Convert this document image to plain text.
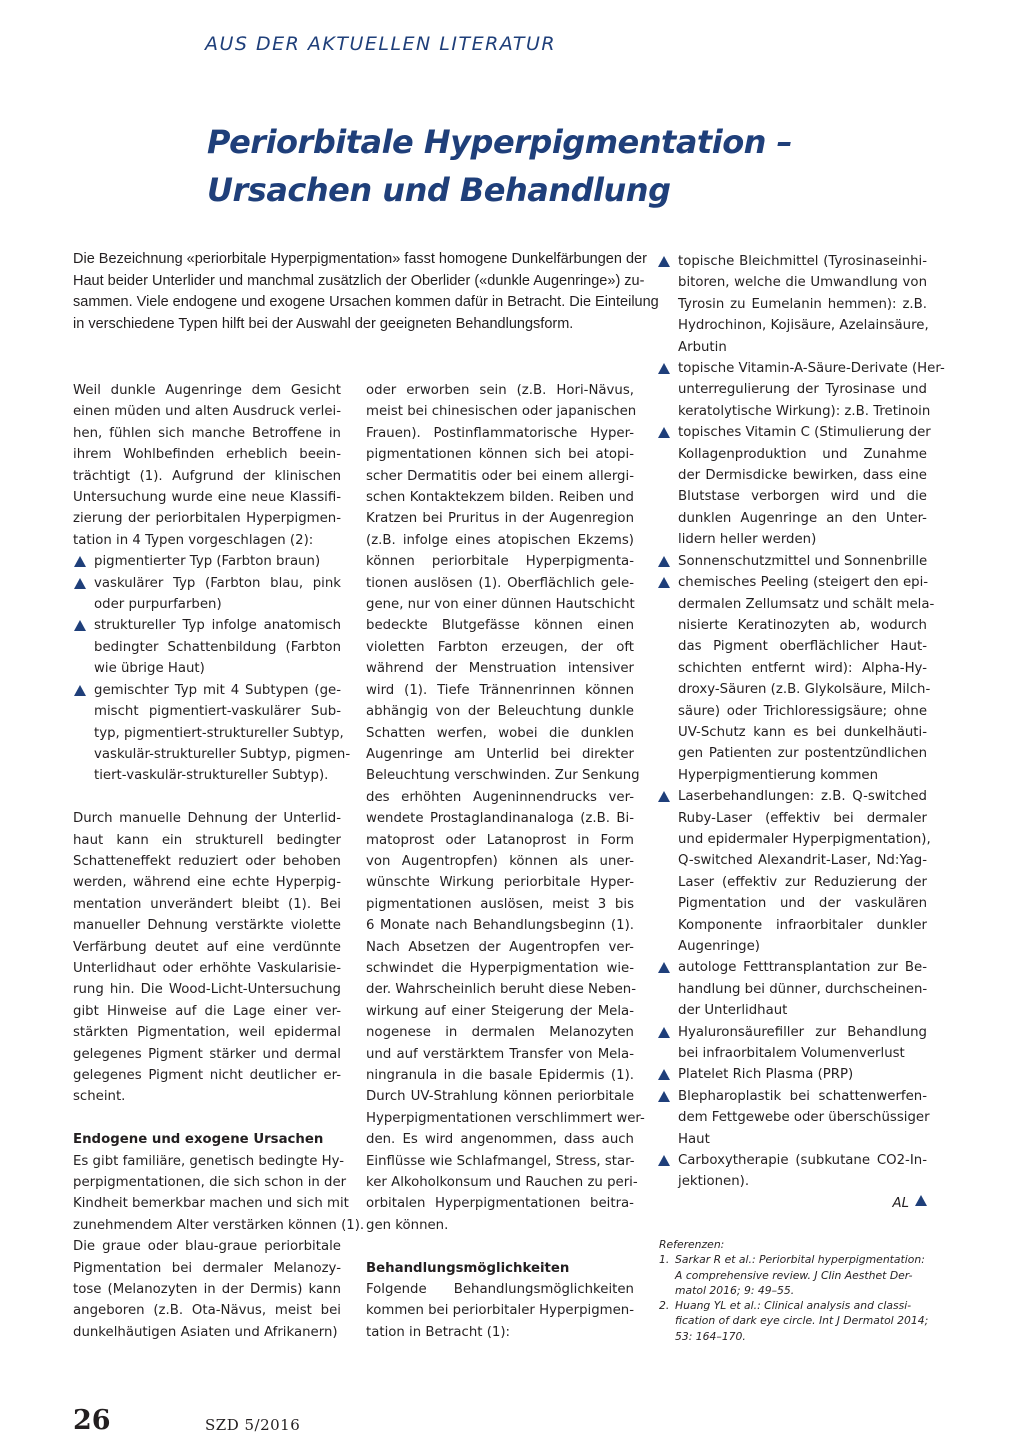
AUS DER AKTUELLEN LITERATUR
Periorbitale Hyperpigmentation –
Ursachen und Behandlung
Die Bezeichnung «periorbitale Hyperpigmentation» fasst homogene Dunkelfärbungen der
Haut beider Unterlider und manchmal zusätzlich der Oberlider («dunkle Augenringe») zu-
sammen. Viele endogene und exogene Ursachen kommen dafür in Betracht. Die Einteilung
in verschiedene Typen hilft bei der Auswahl der geeigneten Behandlungsform.
Weil dunkle Augenringe dem Gesicht
einen müden und alten Ausdruck verlei-
hen, fühlen sich manche Betroffene in
ihrem Wohlbefinden erheblich beein-
trächtigt (1). Aufgrund der klinischen
Untersuchung wurde eine neue Klassifi-
zierung der periorbitalen Hyperpigmen-
tation in 4 Typen vorgeschlagen (2):
pigmentierter Typ (Farbton braun)
vaskulärer Typ (Farbton blau, pink
oder purpurfarben)
struktureller Typ infolge anatomisch
bedingter Schattenbildung (Farbton
wie übrige Haut)
gemischter Typ mit 4 Subtypen (ge-
mischt pigmentiert-vaskulärer Sub-
typ, pigmentiert-struktureller Subtyp,
vaskulär-struktureller Subtyp, pigmen-
tiert-vaskulär-struktureller Subtyp).
Durch manuelle Dehnung der Unterlid-
haut kann ein strukturell bedingter
Schatteneffekt reduziert oder behoben
werden, während eine echte Hyperpig-
mentation unverändert bleibt (1). Bei
manueller Dehnung verstärkte violette
Verfärbung deutet auf eine verdünnte
Unterlidhaut oder erhöhte Vaskularisie-
rung hin. Die Wood-Licht-Untersuchung
gibt Hinweise auf die Lage einer ver-
stärkten Pigmentation, weil epidermal
gelegenes Pigment stärker und dermal
gelegenes Pigment nicht deutlicher er-
scheint.
Endogene und exogene Ursachen
Es gibt familiäre, genetisch bedingte Hy-
perpigmentationen, die sich schon in der
Kindheit bemerkbar machen und sich mit
zunehmendem Alter verstärken können (1).
Die graue oder blau-graue periorbitale
Pigmentation bei dermaler Melanozy-
tose (Melanozyten in der Dermis) kann
angeboren (z.B. Ota-Nävus, meist bei
dunkelhäutigen Asiaten und Afrikanern)
oder erworben sein (z.B. Hori-Nävus,
meist bei chinesischen oder japanischen
Frauen). Postinflammatorische Hyper-
pigmentationen können sich bei atopi-
scher Dermatitis oder bei einem allergi-
schen Kontaktekzem bilden. Reiben und
Kratzen bei Pruritus in der Augenregion
(z.B. infolge eines atopischen Ekzems)
können periorbitale Hyperpigmenta-
tionen auslösen (1). Oberflächlich gele-
gene, nur von einer dünnen Hautschicht
bedeckte Blutgefässe können einen
violetten Farbton erzeugen, der oft
während der Menstruation intensiver
wird (1). Tiefe Trännenrinnen können
abhängig von der Beleuchtung dunkle
Schatten werfen, wobei die dunklen
Augenringe am Unterlid bei direkter
Beleuchtung verschwinden. Zur Senkung
des erhöhten Augeninnendrucks ver-
wendete Prostaglandinanaloga (z.B. Bi-
matoprost oder Latanoprost in Form
von Augentropfen) können als uner-
wünschte Wirkung periorbitale Hyper-
pigmentationen auslösen, meist 3 bis
6 Monate nach Behandlungsbeginn (1).
Nach Absetzen der Augentropfen ver-
schwindet die Hyperpigmentation wie-
der. Wahrscheinlich beruht diese Neben-
wirkung auf einer Steigerung der Mela-
nogenese in dermalen Melanozyten
und auf verstärktem Transfer von Mela-
ningranula in die basale Epidermis (1).
Durch UV-Strahlung können periorbitale
Hyperpigmentationen verschlimmert wer-
den. Es wird angenommen, dass auch
Einflüsse wie Schlafmangel, Stress, star-
ker Alkoholkonsum und Rauchen zu peri-
orbitalen Hyperpigmentationen beitra-
gen können.
Behandlungsmöglichkeiten
Folgende Behandlungsmöglichkeiten
kommen bei periorbitaler Hyperpigmen-
tation in Betracht (1):
topische Bleichmittel (Tyrosinaseinhi-
bitoren, welche die Umwandlung von
Tyrosin zu Eumelanin hemmen): z.B.
Hydrochinon, Kojisäure, Azelainsäure,
Arbutin
topische Vitamin-A-Säure-Derivate (Her-
unterregulierung der Tyrosinase und
keratolytische Wirkung): z.B. Tretinoin
topisches Vitamin C (Stimulierung der
Kollagenproduktion und Zunahme
der Dermisdicke bewirken, dass eine
Blutstase verborgen wird und die
dunklen Augenringe an den Unter-
lidern heller werden)
Sonnenschutzmittel und Sonnenbrille
chemisches Peeling (steigert den epi-
dermalen Zellumsatz und schält mela-
nisierte Keratinozyten ab, wodurch
das Pigment oberflächlicher Haut-
schichten entfernt wird): Alpha-Hy-
droxy-Säuren (z.B. Glykolsäure, Milch-
säure) oder Trichloressigsäure; ohne
UV-Schutz kann es bei dunkelhäuti-
gen Patienten zur postentzündlichen
Hyperpigmentierung kommen
Laserbehandlungen: z.B. Q-switched
Ruby-Laser (effektiv bei dermaler
und epidermaler Hyperpigmentation),
Q-switched Alexandrit-Laser, Nd:Yag-
Laser (effektiv zur Reduzierung der
Pigmentation und der vaskulären
Komponente infraorbitaler dunkler
Augenringe)
autologe Fetttransplantation zur Be-
handlung bei dünner, durchscheinen-
der Unterlidhaut
Hyaluronsäurefiller zur Behandlung
bei infraorbitalem Volumenverlust
Platelet Rich Plasma (PRP)
Blepharoplastik bei schattenwerfen-
dem Fettgewebe oder überschüssiger
Haut
Carboxytherapie (subkutane CO2-In-
jektionen).
AL
Referenzen:
1. Sarkar R et al.: Periorbital hyperpigmentation:
A comprehensive review. J Clin Aesthet Der-
matol 2016; 9: 49–55.
2. Huang YL et al.: Clinical analysis and classi-
fication of dark eye circle. Int J Dermatol 2014;
53: 164–170.
26	SZD 5/2016
